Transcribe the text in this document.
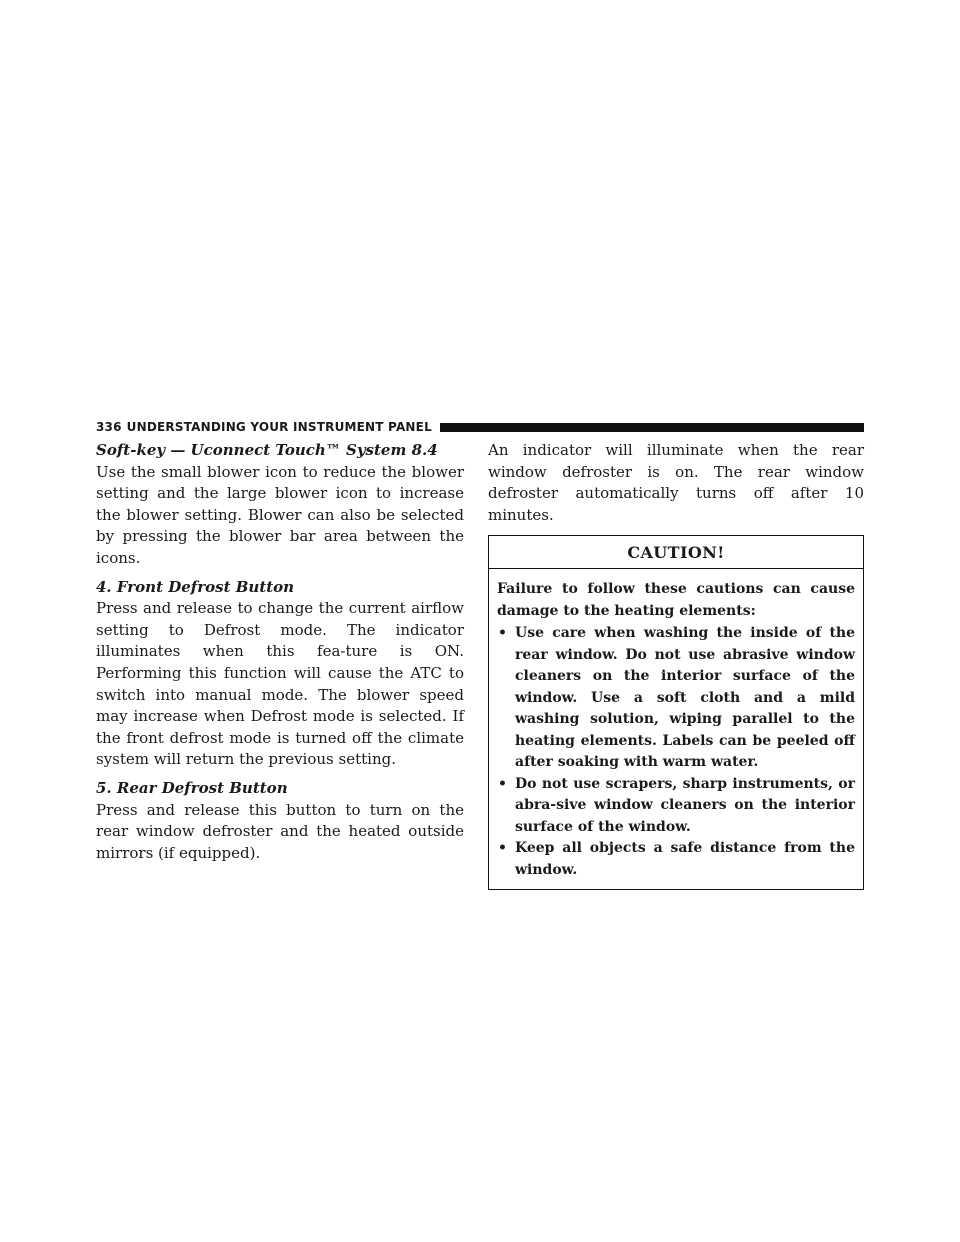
336 UNDERSTANDING YOUR INSTRUMENT PANEL

Soft-key — Uconnect Touch™ System 8.4

Use the small blower icon to reduce the blower setting and the large blower icon to increase the blower setting. Blower can also be selected by pressing the blower bar area between the icons.

4. Front Defrost Button

Press and release to change the current airflow setting to Defrost mode. The indicator illuminates when this fea-ture is ON. Performing this function will cause the ATC to switch into manual mode. The blower speed may increase when Defrost mode is selected. If the front defrost mode is turned off the climate system will return the previous setting.

5. Rear Defrost Button

Press and release this button to turn on the rear window defroster and the heated outside mirrors (if equipped).

An indicator will illuminate when the rear window defroster is on. The rear window defroster automatically turns off after 10 minutes.

CAUTION!

Failure to follow these cautions can cause damage to the heating elements:

• Use care when washing the inside of the rear window. Do not use abrasive window cleaners on the interior surface of the window. Use a soft cloth and a mild washing solution, wiping parallel to the heating elements. Labels can be peeled off after soaking with warm water.
• Do not use scrapers, sharp instruments, or abra-sive window cleaners on the interior surface of the window.
• Keep all objects a safe distance from the window.
